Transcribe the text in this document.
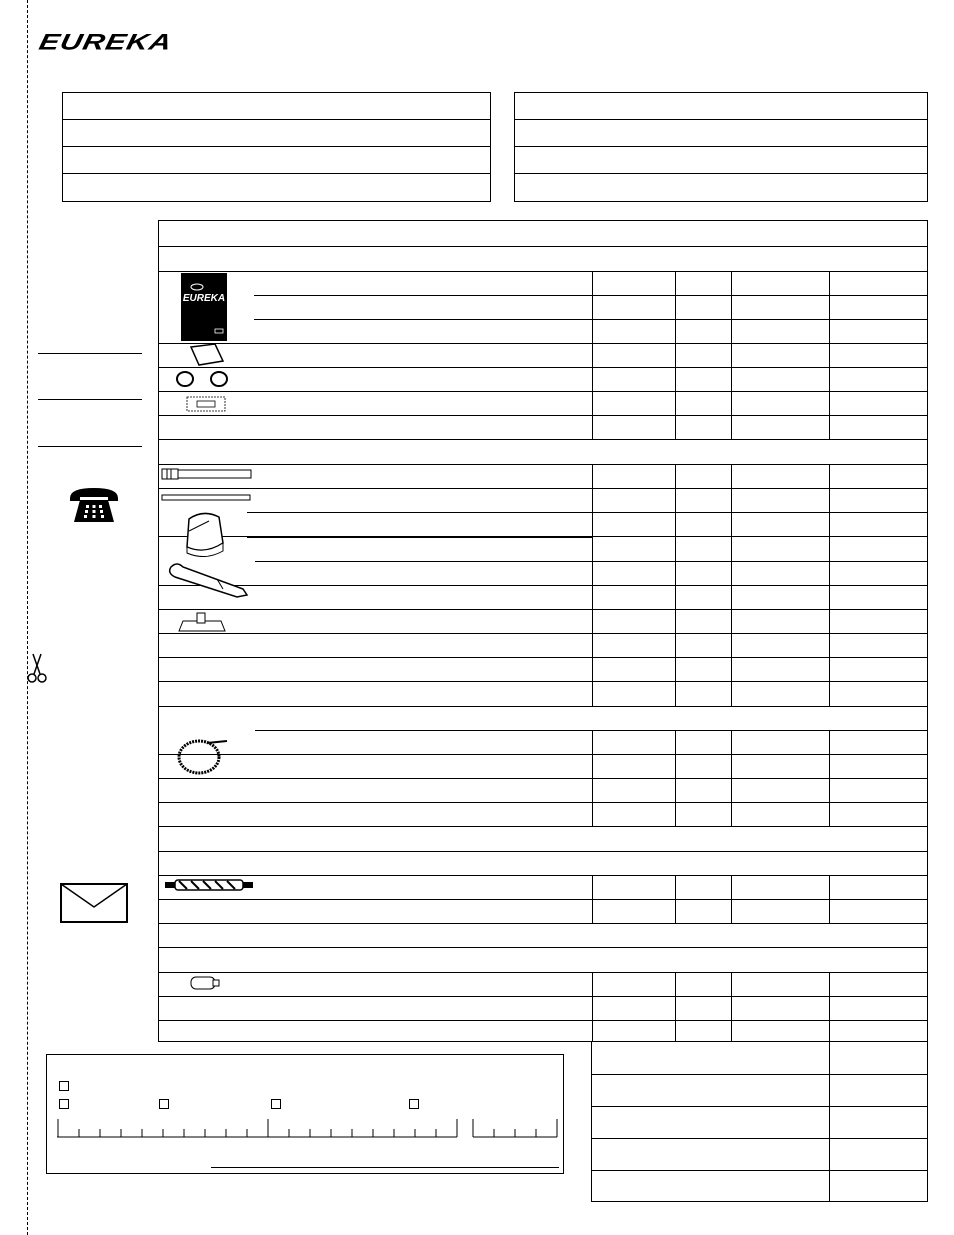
EUREKA
EUREKA
